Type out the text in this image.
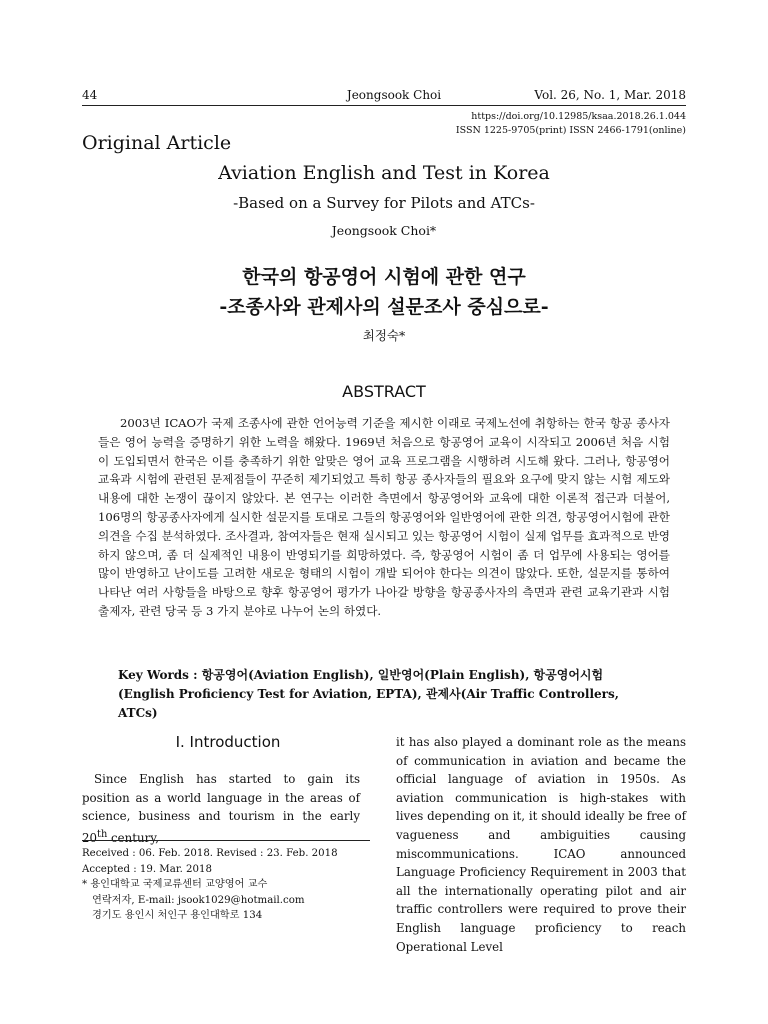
44	Jeongsook Choi	Vol. 26, No. 1, Mar. 2018
https://doi.org/10.12985/ksaa.2018.26.1.044
ISSN 1225-9705(print) ISSN 2466-1791(online)
Original Article
Aviation English and Test in Korea
-Based on a Survey for Pilots and ATCs-
Jeongsook Choi*
한국의 항공영어 시험에 관한 연구
-조종사와 관제사의 설문조사 중심으로-
최정숙*
ABSTRACT
2003년 ICAO가 국제 조종사에 관한 언어능력 기준을 제시한 이래로 국제노선에 취항하는 한국 항공 종사자들은 영어 능력을 증명하기 위한 노력을 해왔다. 1969년 처음으로 항공영어 교육이 시작되고 2006년 처음 시험이 도입되면서 한국은 이를 충족하기 위한 알맞은 영어 교육 프로그램을 시행하려 시도해 왔다. 그러나, 항공영어 교육과 시험에 관련된 문제점들이 꾸준히 제기되었고 특히 항공 종사자들의 필요와 요구에 맞지 않는 시험 제도와 내용에 대한 논쟁이 끊이지 않았다. 본 연구는 이러한 측면에서 항공영어와 교육에 대한 이론적 접근과 더불어, 106명의 항공종사자에게 실시한 설문지를 토대로 그들의 항공영어와 일반영어에 관한 의견, 항공영어시험에 관한 의견을 수집 분석하였다. 조사결과, 참여자들은 현재 실시되고 있는 항공영어 시험이 실제 업무를 효과적으로 반영하지 않으며, 좀 더 실제적인 내용이 반영되기를 희망하였다. 즉, 항공영어 시험이 좀 더 업무에 사용되는 영어를 많이 반영하고 난이도를 고려한 새로운 형태의 시험이 개발 되어야 한다는 의견이 많았다. 또한, 설문지를 통하여 나타난 여러 사항들을 바탕으로 향후 항공영어 평가가 나아갈 방향을 항공종사자의 측면과 관련 교육기관과 시험출제자, 관련 당국 등 3 가지 분야로 나누어 논의 하였다.
Key Words : 항공영어(Aviation English), 일반영어(Plain English), 항공영어시험(English Proficiency Test for Aviation, EPTA), 관제사(Air Traffic Controllers, ATCs)
Ⅰ. Introduction
Since English has started to gain its position as a world language in the areas of science, business and tourism in the early 20th century,
Received : 06. Feb. 2018. Revised : 23. Feb. 2018
Accepted : 19. Mar. 2018
* 용인대학교 국제교류센터 교양영어 교수
연락저자, E-mail: jsook1029@hotmail.com
경기도 용인시 처인구 용인대학로 134
it has also played a dominant role as the means of communication in aviation and became the official language of aviation in 1950s. As aviation communication is high-stakes with lives depending on it, it should ideally be free of vagueness and ambiguities causing miscommunications. ICAO announced Language Proficiency Requirement in 2003 that all the internationally operating pilot and air traffic controllers were required to prove their English language proficiency to reach Operational Level
